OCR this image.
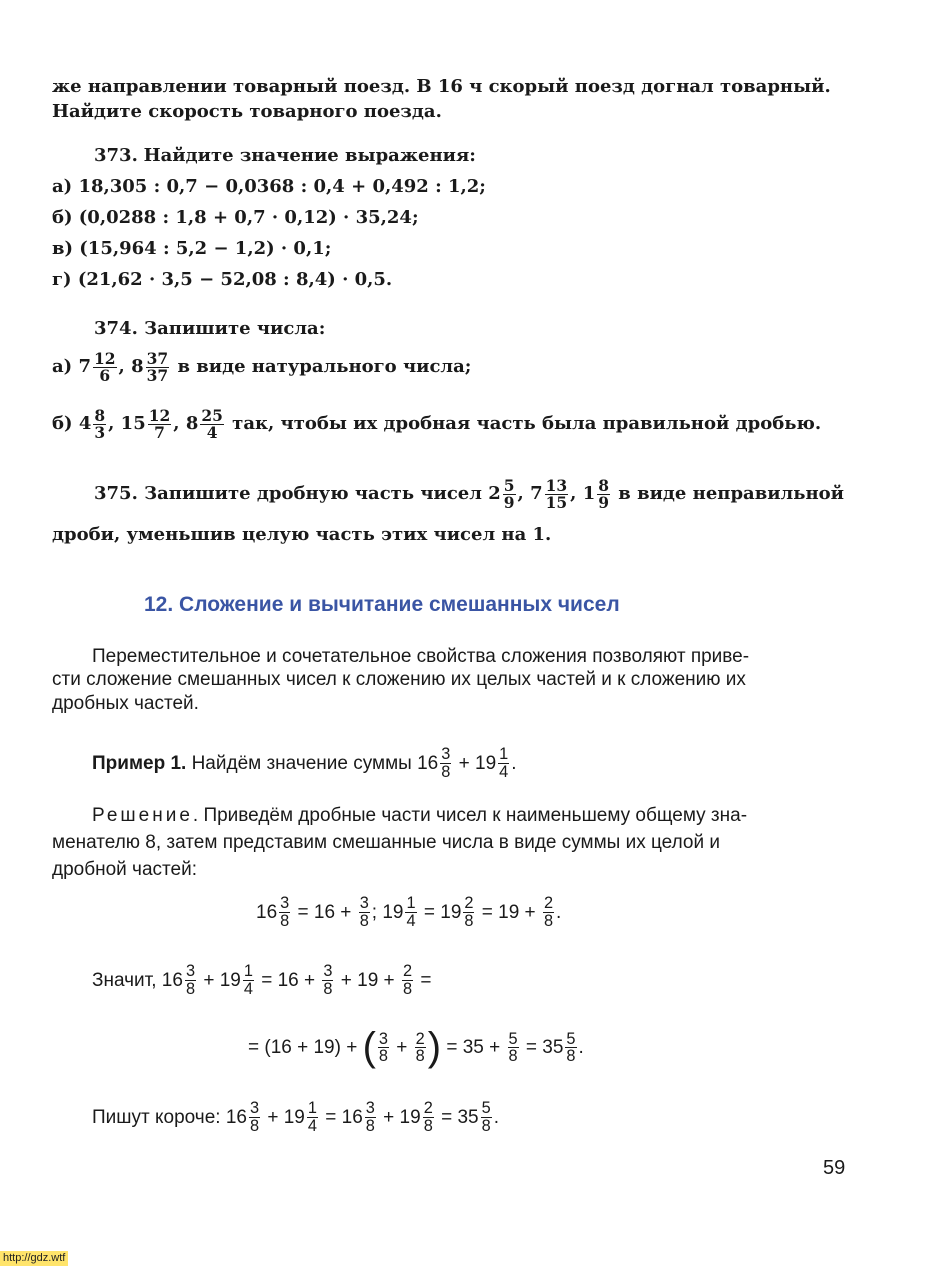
же направлении товарный поезд. В 16 ч скорый поезд догнал товарный.
Найдите скорость товарного поезда.
373. Найдите значение выражения:
а) 18,305 : 0,7 − 0,0368 : 0,4 + 0,492 : 1,2;
б) (0,0288 : 1,8 + 0,7 · 0,12) · 35,24;
в) (15,964 : 5,2 − 1,2) · 0,1;
г) (21,62 · 3,5 − 52,08 : 8,4) · 0,5.
374. Запишите числа:
а)
$7 \frac{12}{6}$ ,
$8 \frac{37}{37}$
в виде натурального числа;
б)
$4 \frac{8}{3}$ ,
$15 \frac{12}{7}$ ,
$8 \frac{25}{4}$
так, чтобы их дробная часть была правильной дробью.
375.
Запишите дробную часть чисел
$2 \frac{5}{9}$ ,
$7 \frac{13}{15}$ ,
$1 \frac{8}{9}$
в виде неправильной
дроби, уменьшив целую часть этих чисел на 1.
12. Сложение и вычитание смешанных чисел
Переместительное и сочетательное свойства сложения позволяют приве-
сти сложение смешанных чисел к сложению их целых частей и к сложению их
дробных частей.
Пример 1.
Найдём значение суммы
$16 \frac{3}{8}$
+
$19 \frac{1}{4}$ .
Решение. Приведём дробные части чисел к наименьшему общему зна-
менателю 8, затем представим смешанные числа в виде суммы их целой и
дробной частей:
$16 \frac{3}{8}$
= 16 +
$\frac{3}{8}$ ;
$19 \frac{1}{4}$
=
$19 \frac{2}{8}$
= 19 +
$\frac{2}{8}$ .
Значит,
$16 \frac{3}{8}$
+
$19 \frac{1}{4}$
= 16 +
$\frac{3}{8}$
+ 19 +
$\frac{2}{8}$
=
= (16 + 19) +
( $\frac{3}{8}$
+
$\frac{2}{8}$ )
= 35 +
$\frac{5}{8}$
=
$35 \frac{5}{8}$ .
Пишут короче:
$16 \frac{3}{8}$
+
$19 \frac{1}{4}$
=
$16 \frac{3}{8}$
+
$19 \frac{2}{8}$
=
$35 \frac{5}{8}$ .
59
http://gdz.wtf
